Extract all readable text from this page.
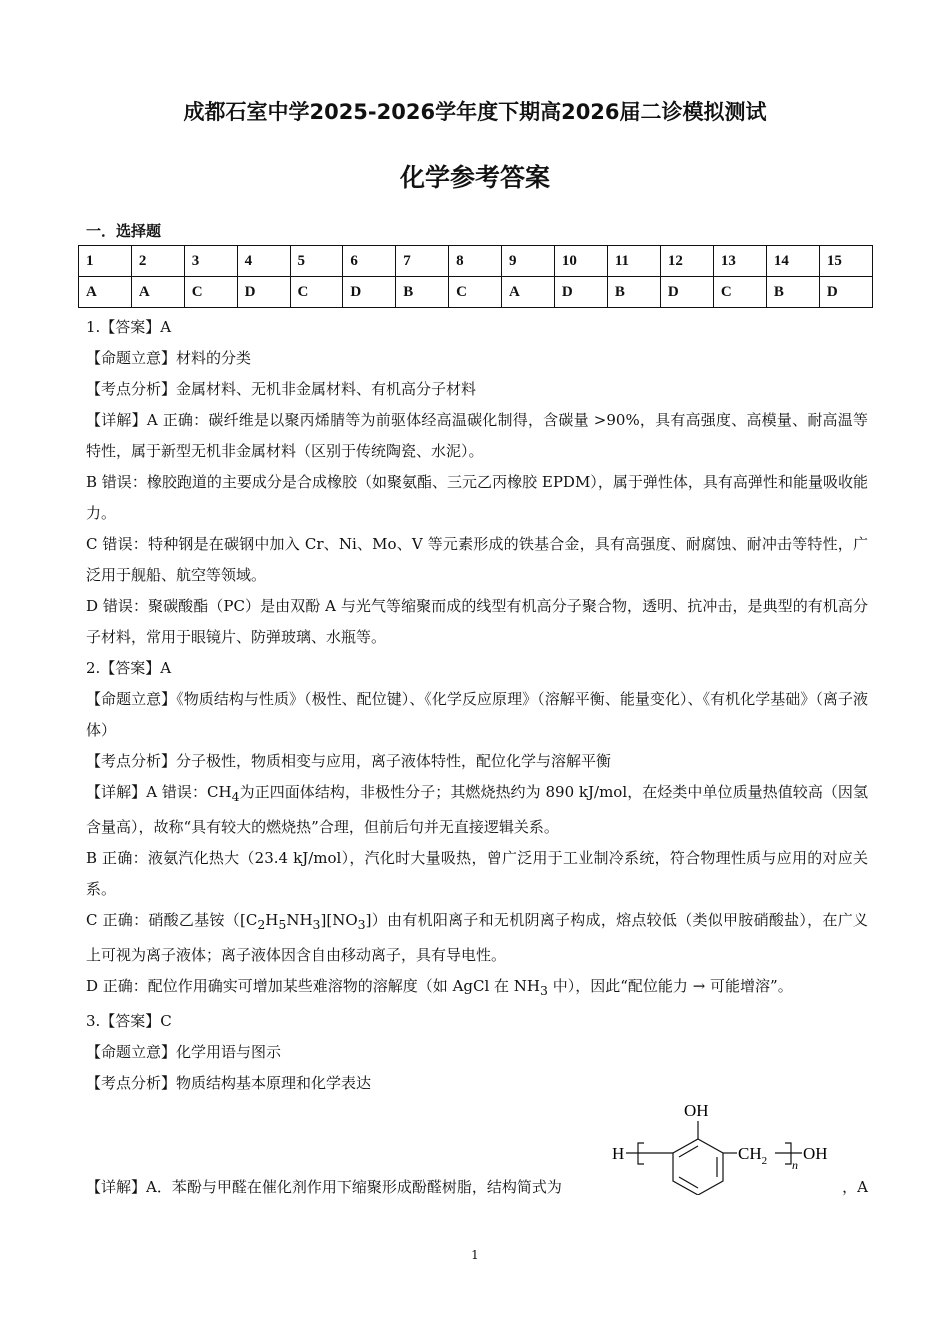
成都石室中学2025-2026学年度下期高2026届二诊模拟测试
化学参考答案
一．选择题
1	2	3	4	5	6	7	8	9	10	11	12	13	14	15
A	A	C	D	C	D	B	C	A	D	B	D	C	B	D

1.【答案】A

【命题立意】材料的分类

【考点分析】金属材料、无机非金属材料、有机高分子材料

【详解】A 正确：碳纤维是以聚丙烯腈等为前驱体经高温碳化制得，含碳量 >90%，具有高强度、高模量、耐高温等特性，属于新型无机非金属材料（区别于传统陶瓷、水泥）。

B 错误：橡胶跑道的主要成分是合成橡胶（如聚氨酯、三元乙丙橡胶 EPDM），属于弹性体，具有高弹性和能量吸收能力。

C 错误：特种钢是在碳钢中加入 Cr、Ni、Mo、V 等元素形成的铁基合金，具有高强度、耐腐蚀、耐冲击等特性，广泛用于舰船、航空等领域。

D 错误：聚碳酸酯（PC）是由双酚 A 与光气等缩聚而成的线型有机高分子聚合物，透明、抗冲击，是典型的有机高分子材料，常用于眼镜片、防弹玻璃、水瓶等。

2.【答案】A

【命题立意】《物质结构与性质》（极性、配位键）、《化学反应原理》（溶解平衡、能量变化）、《有机化学基础》（离子液体）

【考点分析】分子极性，物质相变与应用，离子液体特性，配位化学与溶解平衡

【详解】A 错误：$CH_4$为正四面体结构，非极性分子；其燃烧热约为 890 kJ/mol，在烃类中单位质量热值较高（因氢含量高），故称“具有较大的燃烧热”合理，但前后句并无直接逻辑关系。

B 正确：液氨汽化热大（23.4 kJ/mol），汽化时大量吸热，曾广泛用于工业制冷系统，符合物理性质与应用的对应关系。

C 正确：硝酸乙基铵$([C_2H_5NH_3][NO_3])$由有机阳离子和无机阴离子构成，熔点较低（类似甲胺硝酸盐），在广义上可视为离子液体；离子液体因含自由移动离子，具有导电性。

D 正确：配位作用确实可增加某些难溶物的溶解度（如 AgCl 在 $NH_3$ 中），因此“配位能力 → 可能增溶”。

3.【答案】C

【命题立意】化学用语与图示

【考点分析】物质结构基本原理和化学表达

OH
H	$CH_2$ n
OH
【详解】A．苯酚与甲醛在催化剂作用下缩聚形成酚醛树脂，结构简式为	，A
1
